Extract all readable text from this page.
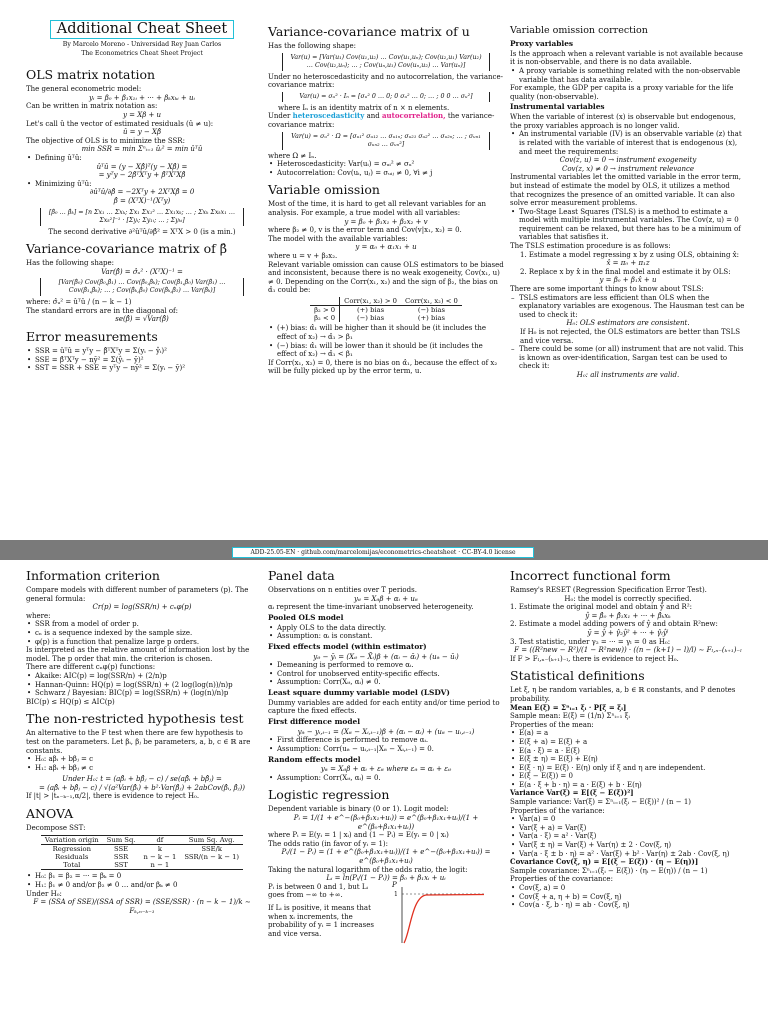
Additional Cheat Sheet

By Marcelo Moreno - Universidad Rey Juan Carlos

The Econometrics Cheat Sheet Project

OLS matrix notation

The general econometric model:

yᵢ = β₀ + β₁x₁ᵢ + ··· + βₖxₖᵢ + uᵢ

Can be written in matrix notation as:

y = Xβ + u

Let's call û the vector of estimated residuals (û ≠ u):

û = y − Xβ̂

The objective of OLS is to minimize the SSR:

min SSR = min Σⁿᵢ₌₁ ûᵢ² = min ûᵀû
• Defining ûᵀû:
ûᵀû = (y − Xβ̂)ᵀ(y − Xβ̂) =
= yᵀy − 2β̂ᵀXᵀy + β̂ᵀXᵀXβ̂
• Minimizing ûᵀû:
∂ûᵀû/∂β̂ = −2Xᵀy + 2XᵀXβ̂ = 0
β̂ = (XᵀX)⁻¹(Xᵀy)
[β̂₀ … β̂ₖ] = [n Σx₁ … Σxₖ; Σx₁ Σx₁² … Σx₁xₖ; … ; Σxₖ Σxₖx₁ … Σxₖ²]⁻¹ · [Σyᵢ; Σy₁ᵢ; … ; Σyₖᵢ]

The second derivative ∂²ûᵀû/∂β̂² = XᵀX > 0 (is a min.)

Variance-covariance matrix of β̂

Has the following shape:

Var(β̂) = σ̂ᵤ² · (XᵀX)⁻¹ =
[Var(β̂₀) Cov(β̂₀,β̂₁) … Cov(β̂₀,β̂ₖ); Cov(β̂₁,β̂₀) Var(β̂₁) … Cov(β̂₁,β̂ₖ); … ; Cov(β̂ₖ,β̂₀) Cov(β̂ₖ,β̂₁) … Var(β̂ₖ)]

where: σ̂ᵤ² = ûᵀû / (n − k − 1)

The standard errors are in the diagonal of:

se(β̂) = √Var(β̂)
Error measurements
• SSR = ûᵀû = yᵀy − β̂ᵀXᵀy = Σ(yᵢ − ŷᵢ)²
• SSE = β̂ᵀXᵀy − nȳ² = Σ(ŷᵢ − ȳ)²
• SST = SSR + SSE = yᵀy − nȳ² = Σ(yᵢ − ȳ)²
Variance-covariance matrix of u

Has the following shape:

Var(u) = [Var(u₁) Cov(u₁,u₂) … Cov(u₁,uₙ); Cov(u₂,u₁) Var(u₂) … Cov(u₂,uₙ); … ; Cov(uₙ,u₁) Cov(uₙ,u₂) … Var(uₙ)]

Under no heteroscedasticity and no autocorrelation, the variance-covariance matrix:

Var(u) = σᵤ² · Iₙ = [σᵤ² 0 … 0; 0 σᵤ² … 0; … ; 0 0 … σᵤ²]

where Iₙ is an identity matrix of n × n elements.

Under heteroscedasticity and autocorrelation, the variance-covariance matrix:

Var(u) = σᵤ² · Ω = [σᵤ₁² σᵤ₁₂ … σᵤ₁ₙ; σᵤ₂₁ σᵤ₂² … σᵤ₂ₙ; … ; σᵤₙ₁ σᵤₙ₂ … σᵤₙ²]

where Ω ≠ Iₙ.

• Heteroscedasticity: Var(uᵢ) = σᵤᵢ² ≠ σᵤ²
• Autocorrelation: Cov(uᵢ, uⱼ) = σᵤᵢⱼ ≠ 0, ∀i ≠ j
Variable omission

Most of the time, it is hard to get all relevant variables for an analysis. For example, a true model with all variables:

y = β₀ + β₁x₁ + β₂x₂ + v

where β₂ ≠ 0, v is the error term and Cov(v|x₁, x₂) = 0.

The model with the available variables:

y = α₀ + α₁x₁ + u

where u = v + β₂x₂.

Relevant variable omission can cause OLS estimators to be biased and inconsistent, because there is no weak exogeneity, Cov(x₁, u) ≠ 0. Depending on the Corr(x₁, x₂) and the sign of β₂, the bias on α̂₁ could be:

	Corr(x₁, x₂) > 0	Corr(x₁, x₂) < 0
β₂ > 0	(+) bias	(−) bias
β₂ < 0	(−) bias	(+) bias
• (+) bias: α̂₁ will be higher than it should be (it includes the effect of x₂) → α̂₁ > β₁
• (−) bias: α̂₁ will be lower than it should be (it includes the effect of x₂) → α̂₁ < β₁

If Corr(x₁, x₂) = 0, there is no bias on α̂₁, because the effect of x₂ will be fully picked up by the error term, u.

Variable omission correction
Proxy variables

Is the approach when a relevant variable is not available because it is non-observable, and there is no data available.

• A proxy variable is something related with the non-observable variable that has data available.

For example, the GDP per capita is a proxy variable for the life quality (non-observable).

Instrumental variables

When the variable of interest (x) is observable but endogenous, the proxy variables approach is no longer valid.

• An instrumental variable (IV) is an observable variable (z) that is related with the variable of interest that is endogenous (x), and meet the requirements:
Cov(z, u) = 0 → instrument exogeneity
Cov(z, x) ≠ 0 → instrument relevance

Instrumental variables let the omitted variable in the error term, but instead of estimate the model by OLS, it utilizes a method that recognizes the presence of an omitted variable. It can also solve error measurement problems.

• Two-Stage Least Squares (TSLS) is a method to estimate a model with multiple instrumental variables. The Cov(z, u) = 0 requirement can be relaxed, but there has to be a minimum of variables that satisfies it.

The TSLS estimation procedure is as follows:

1. Estimate a model regressing x by z using OLS, obtaining x̂:

x̂ = π₀ + π₁z

2. Replace x by x̂ in the final model and estimate it by OLS:

y = β₀ + β₁x̂ + u

There are some important things to know about TSLS:

– TSLS estimators are less efficient than OLS when the explanatory variables are exogenous. The Hausman test can be used to check it:
H₀: OLS estimators are consistent.

If H₀ is not rejected, the OLS estimators are better than TSLS and vice versa.

– There could be some (or all) instrument that are not valid. This is known as over-identification, Sargan test can be used to check it:
H₀: all instruments are valid.
ADD-25.05-EN · github.com/marcelomijas/econometrics-cheatsheet · CC-BY-4.0 license
Information criterion

Compare models with different number of parameters (p). The general formula:

Cr(p) = log(SSR/n) + cₙφ(p)

where:

• SSR from a model of order p.
• cₙ is a sequence indexed by the sample size.
• φ(p) is a function that penalize large p orders.

Is interpreted as the relative amount of information lost by the model. The p order that min. the criterion is chosen.

There are different cₙφ(p) functions:

• Akaike: AIC(p) = log(SSR/n) + (2/n)p
• Hannan-Quinn: HQ(p) = log(SSR/n) + (2 log(log(n))/n)p
• Schwarz / Bayesian: BIC(p) = log(SSR/n) + (log(n)/n)p

BIC(p) ≤ HQ(p) ≤ AIC(p)

The non-restricted hypothesis test

An alternative to the F test when there are few hypothesis to test on the parameters. Let βᵢ, βⱼ be parameters, a, b, c ∈ ℝ are constants.

• H₀: aβᵢ + bβⱼ = c
• H₁: aβᵢ + bβⱼ ≠ c
Under H₀: t = (aβ̂ᵢ + bβ̂ⱼ − c) / se(aβ̂ᵢ + bβ̂ⱼ) =
= (aβ̂ᵢ + bβ̂ⱼ − c) / √(a²Var(β̂ᵢ) + b²·Var(β̂ⱼ) + 2abCov(β̂ᵢ, β̂ⱼ))

If |t| > |tₙ₋ₖ₋₁,α/2|, there is evidence to reject H₀.

ANOVA

Decompose SST:

Variation origin	Sum Sq.	df	Sum Sq. Avg.
Regression	SSE	k	SSE/k
Residuals	SSR	n − k − 1	SSR/(n − k − 1)
Total	SST	n − 1	
• H₀: β₁ = β₂ = ··· = βₖ = 0
• H₁: β₁ ≠ 0 and/or β₂ ≠ 0 … and/or βₖ ≠ 0

Under H₀:

F = (SSA of SSE)/(SSA of SSR) = (SSE/SSR) · (n − k − 1)/k ∼ Fₖ,ₙ₋ₖ₋₁
Panel data

Observations on n entities over T periods.

yᵢₜ = Xᵢₜβ + αᵢ + uᵢₜ

αᵢ represent the time-invariant unobserved heterogeneity.

Pooled OLS model
• Apply OLS to the data directly.
• Assumption: αᵢ is constant.
Fixed effects model (within estimator)
yᵢₜ − ȳᵢ = (Xᵢₜ − X̄ᵢ)β + (αᵢ − ᾱᵢ) + (uᵢₜ − ūᵢ)
• Demeaning is performed to remove αᵢ.
• Control for unobserved entity-specific effects.
• Assumption: Corr(Xᵢₜ, αᵢ) ≠ 0.
Least square dummy variable model (LSDV)

Dummy variables are added for each entity and/or time period to capture the fixed effects.

First difference model
yᵢₜ − yᵢ,ₜ₋₁ = (Xᵢₜ − Xᵢ,ₜ₋₁)β + (αᵢ − αᵢ) + (uᵢₜ − uᵢ,ₜ₋₁)
• First difference is performed to remove αᵢ.
• Assumption: Corr(uᵢₜ − uᵢ,ₜ₋₁|Xᵢₜ − Xᵢ,ₜ₋₁) = 0.
Random effects model
yᵢₜ = Xᵢₜβ + αᵢ + εᵢₜ where εᵢₜ = αᵢ + εᵢₜ
• Assumption: Corr(Xᵢₜ, αᵢ) = 0.
Logistic regression

Dependent variable is binary (0 or 1). Logit model:

Pᵢ = 1/(1 + e^−(β₀+β₁x₁+uᵢ)) = e^(β₀+β₁x₁+uᵢ)/(1 + e^(β₀+β₁x₁+uᵢ))

where Pᵢ = E(yᵢ = 1 | xᵢ) and (1 − Pᵢ) = E(yᵢ = 0 | xᵢ)

The odds ratio (in favor of yᵢ = 1):

Pᵢ/(1 − Pᵢ) = (1 + e^(β₀+β₁x₁+uᵢ))/(1 + e^−(β₀+β₁x₁+uᵢ)) = e^(β₀+β₁x₁+uᵢ)

Taking the natural logarithm of the odds ratio, the logit:

Lᵢ = ln(Pᵢ/(1 − Pᵢ)) = β₀ + β₁xᵢ + uᵢ

Pᵢ is between 0 and 1, but Lᵢ goes from −∞ to +∞.

If Lᵢ is positive, it means that when xᵢ increments, the probability of yᵢ = 1 increases and vice versa.

P
1
Incorrect functional form

Ramsey's RESET (Regression Specification Error Test).

H₀: the model is correctly specified.

1. Estimate the original model and obtain ŷ and R²:

ŷ = β̂₀ + β̂₁x₁ + ··· + β̂ₖxₖ

2. Estimate a model adding powers of ŷ and obtain R²new:

ỹ = ŷ + γ̂₂ŷ² + ··· + γ̂ₗŷˡ

3. Test statistic, under γ₂ = ··· = γₗ = 0 as H₀:

F = ((R²new − R²)/(1 − R²new)) · ((n − (k+1) − l)/l) ∼ Fₗ,ₙ₋(ₖ₊₁)₋ₗ

If F > Fₗ,ₙ₋(ₖ₊₁)₋ₗ, there is evidence to reject H₀.

Statistical definitions

Let ξ, η be random variables, a, b ∈ ℝ constants, and P denotes probability.

Mean E(ξ) = Σⁿᵢ₌₁ ξᵢ · P[ξ = ξᵢ]

Sample mean: E(ξ) = (1/n) Σⁿᵢ₌₁ ξᵢ

Properties of the mean:

• E(a) = a
• E(ξ + a) = E(ξ) + a
• E(a · ξ) = a · E(ξ)
• E(ξ ± η) = E(ξ) + E(η)
• E(ξ · η) = E(ξ) · E(η) only if ξ and η are independent.
• E(ξ − E(ξ)) = 0
• E(a · ξ + b · η) = a · E(ξ) + b · E(η)

Variance Var(ξ) = E[(ξ − E(ξ))²]

Sample variance: Var(ξ) = Σⁿᵢ₌₁(ξᵢ − E(ξ))² / (n − 1)

Properties of the variance:

• Var(a) = 0
• Var(ξ + a) = Var(ξ)
• Var(a · ξ) = a² · Var(ξ)
• Var(ξ ± η) = Var(ξ) + Var(η) ± 2 · Cov(ξ, η)
• Var(a · ξ ± b · η) = a² · Var(ξ) + b² · Var(η) ± 2ab · Cov(ξ, η)

Covariance Cov(ξ, η) = E[(ξ − E(ξ)) · (η − E(η))]

Sample covariance: Σⁿᵢ₌₁(ξᵢ − E(ξ)) · (ηᵢ − E(η)) / (n − 1)

Properties of the covariance:

• Cov(ξ, a) = 0
• Cov(ξ + a, η + b) = Cov(ξ, η)
• Cov(a · ξ, b · η) = ab · Cov(ξ, η)
